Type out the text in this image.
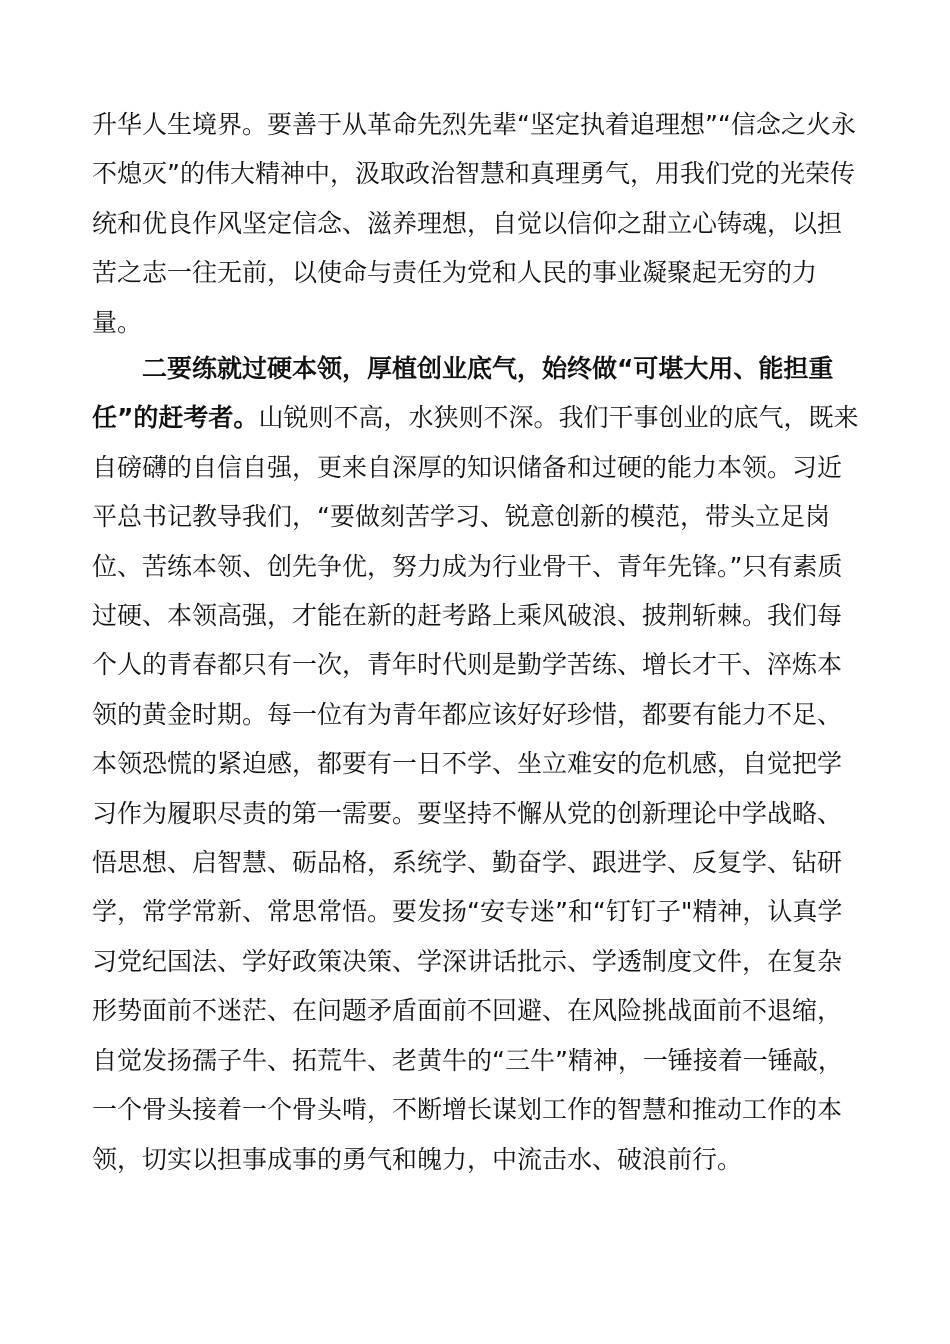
升华人生境界。要善于从革命先烈先辈“坚定执着追理想”“信念之火永不熄灭”的伟大精神中，汲取政治智慧和真理勇气，用我们党的光荣传统和优良作风坚定信念、滋养理想，自觉以信仰之甜立心铸魂，以担苦之志一往无前，以使命与责任为党和人民的事业凝聚起无穷的力量。

二要练就过硬本领，厚植创业底气，始终做“可堪大用、能担重任”的赶考者。山锐则不高，水狭则不深。我们干事创业的底气，既来自磅礴的自信自强，更来自深厚的知识储备和过硬的能力本领。习近平总书记教导我们，“要做刻苦学习、锐意创新的模范，带头立足岗位、苦练本领、创先争优，努力成为行业骨干、青年先锋。”只有素质过硬、本领高强，才能在新的赶考路上乘风破浪、披荆斩棘。我们每个人的青春都只有一次，青年时代则是勤学苦练、增长才干、淬炼本领的黄金时期。每一位有为青年都应该好好珍惜，都要有能力不足、本领恐慌的紧迫感，都要有一日不学、坐立难安的危机感，自觉把学习作为履职尽责的第一需要。要坚持不懈从党的创新理论中学战略、悟思想、启智慧、砺品格，系统学、勤奋学、跟进学、反复学、钻研学，常学常新、常思常悟。要发扬“安专迷”和“钉钉子"精神，认真学习党纪国法、学好政策决策、学深讲话批示、学透制度文件，在复杂形势面前不迷茫、在问题矛盾面前不回避、在风险挑战面前不退缩，自觉发扬孺子牛、拓荒牛、老黄牛的“三牛”精神，一锤接着一锤敲，一个骨头接着一个骨头啃，不断增长谋划工作的智慧和推动工作的本领，切实以担事成事的勇气和魄力，中流击水、破浪前行。
